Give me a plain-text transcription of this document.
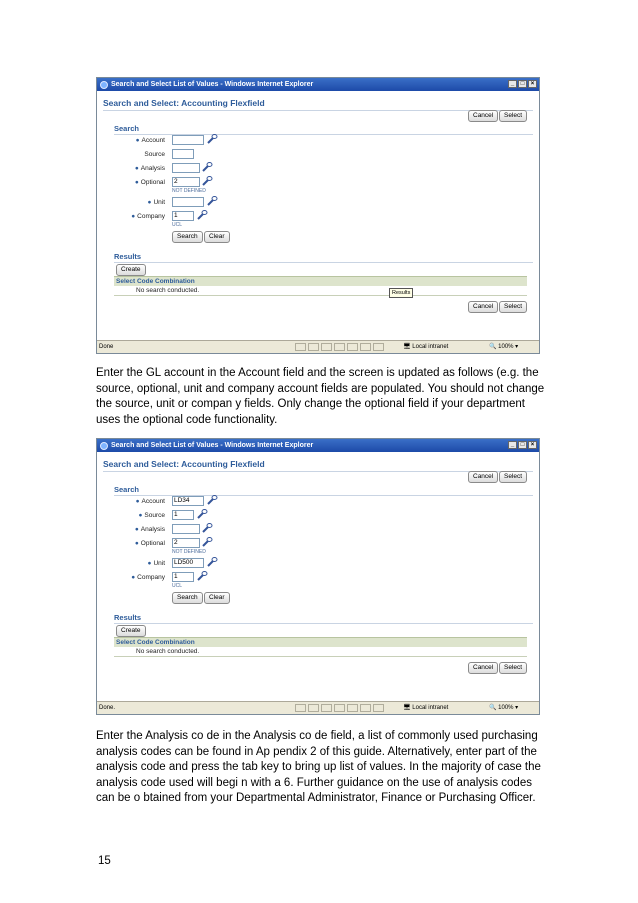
Search and Select List of Values - Windows Internet Explorer	_	□	×
Search and Select: Accounting Flexfield
Cancel	Select
Search
● Account
Source
● Analysis
● Optional	2
NOT DEFINED
● Unit
● Company	1
UCL
Search	Clear
Results
Create
Select Code Combination
No search conducted.	Results
Cancel	Select
Done	🖥 Local intranet	🔍 100% ▾
Enter the GL account in the Account field and the screen is updated as follows (e.g. the source, optional, unit and company account fields are populated. You should not change the source, unit or compan y fields. Only change the optional field if your department uses the optional code functionality.
Search and Select List of Values - Windows Internet Explorer	_	□	×
Search and Select: Accounting Flexfield
Cancel	Select
Search
● Account	LD34
● Source	1
● Analysis
● Optional	2
NOT DEFINED
● Unit	LD500
● Company	1
UCL
Search	Clear
Results
Create
Select Code Combination
No search conducted.
Cancel	Select
Done.	🖥 Local intranet	🔍 100% ▾
Enter the Analysis co de in the Analysis co de field, a list of commonly used purchasing analysis codes can be found in Ap pendix 2 of this guide. Alternatively, enter part of the analysis code and press the tab key to bring up list of values. In the majority of case the analysis code used will begi n with a 6. Further guidance on the use of analysis codes can be o btained from your Departmental Administrator, Finance or Purchasing Officer.
15
